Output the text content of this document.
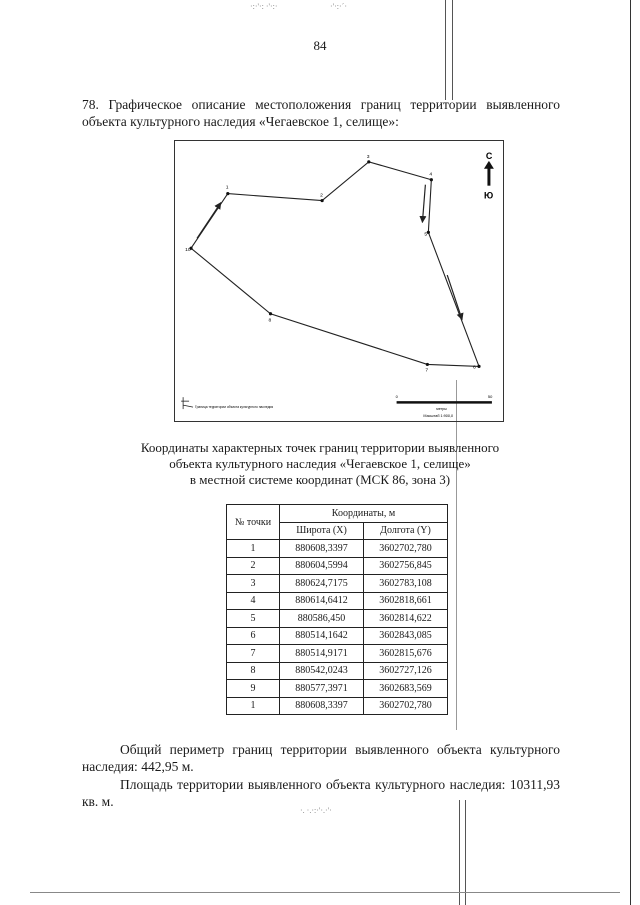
·:·'·: ·'·:·	·'·:·´·
·. ·.·:·'·.·'·
84
78. Графическое описание местоположения границ территории выявленного объекта культурного наследия «Чегаевское 1, селище»:
1
2
3
4
5
6
7
8
10
С
Ю
Граница территории объекта культурного наследия
0	50
метры
Масштаб 1:900,0
Координаты характерных точек границ территории выявленного
объекта культурного наследия «Чегаевское 1, селище»
в местной системе координат (МСК 86, зона 3)
№ точки	Координаты, м	
	Широта (X)	Долгота (Y)
1	880608,3397	3602702,780
2	880604,5994	3602756,845
3	880624,7175	3602783,108
4	880614,6412	3602818,661
5	880586,450	3602814,622
6	880514,1642	3602843,085
7	880514,9171	3602815,676
8	880542,0243	3602727,126
9	880577,3971	3602683,569
1	880608,3397	3602702,780
Общий периметр границ территории выявленного объекта культурного наследия: 442,95 м.
Площадь территории выявленного объекта культурного наследия: 10311,93 кв. м.
